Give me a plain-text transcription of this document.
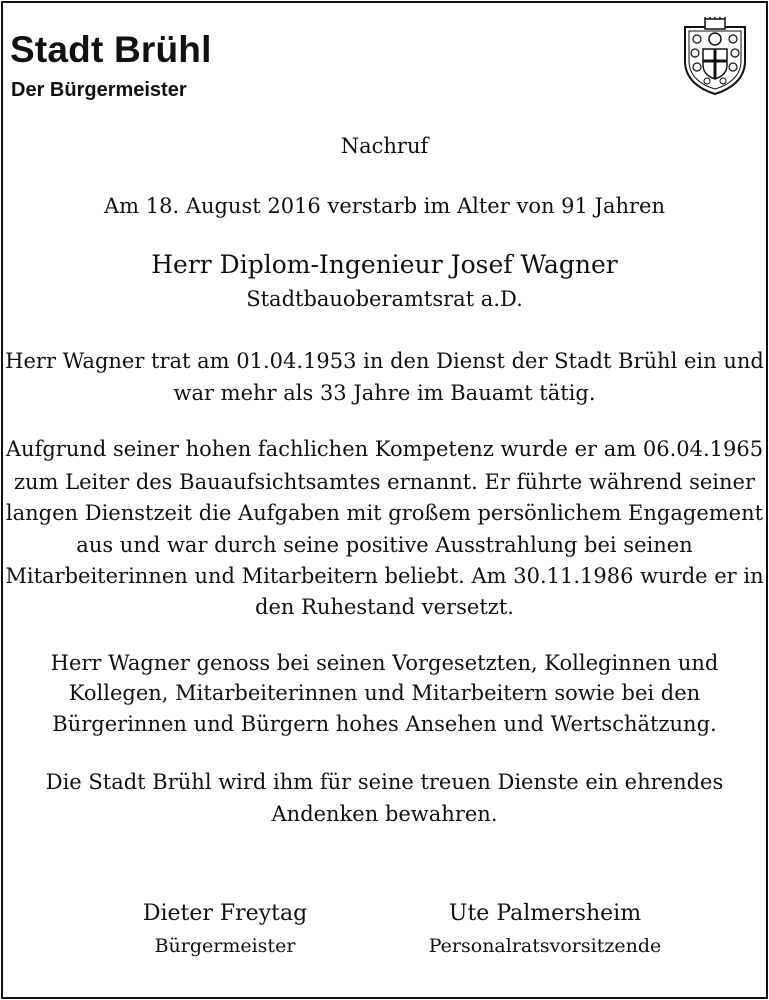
Stadt Brühl
Der Bürgermeister

Nachruf

Am 18. August 2016 verstarb im Alter von 91 Jahren

Herr Diplom-Ingenieur Josef Wagner

Stadtbauoberamtsrat a.D.

Herr Wagner trat am 01.04.1953 in den Dienst der Stadt Brühl ein und

war mehr als 33 Jahre im Bauamt tätig.

Aufgrund seiner hohen fachlichen Kompetenz wurde er am 06.04.1965

zum Leiter des Bauaufsichtsamtes ernannt. Er führte während seiner

langen Dienstzeit die Aufgaben mit großem persönlichem Engagement

aus und war durch seine positive Ausstrahlung bei seinen

Mitarbeiterinnen und Mitarbeitern beliebt. Am 30.11.1986 wurde er in

den Ruhestand versetzt.

Herr Wagner genoss bei seinen Vorgesetzten, Kolleginnen und

Kollegen, Mitarbeiterinnen und Mitarbeitern sowie bei den

Bürgerinnen und Bürgern hohes Ansehen und Wertschätzung.

Die Stadt Brühl wird ihm für seine treuen Dienste ein ehrendes

Andenken bewahren.

Dieter Freytag

Bürgermeister

Ute Palmersheim

Personalratsvorsitzende
